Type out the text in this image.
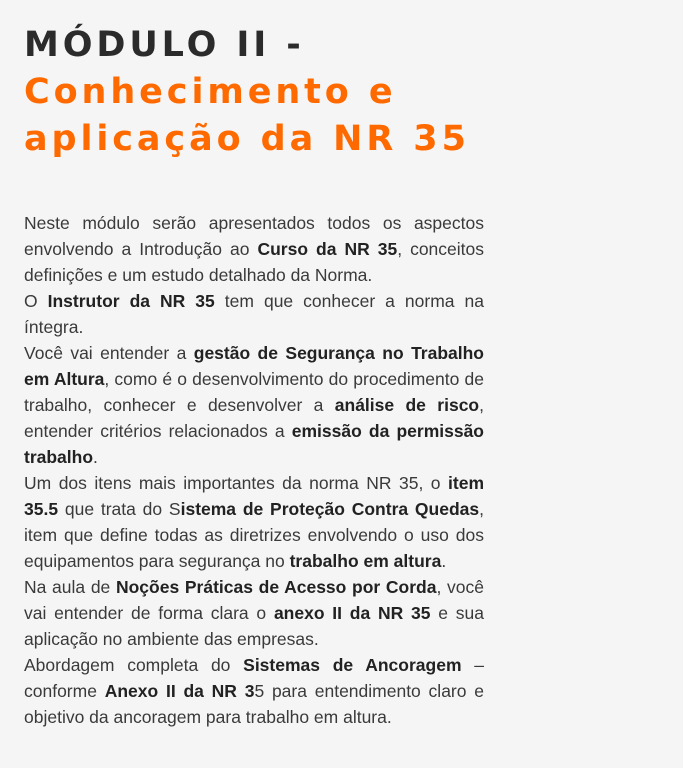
MÓDULO II -
Conhecimento e
aplicação da NR 35

Neste módulo serão apresentados todos os aspectos envolvendo a Introdução ao Curso da NR 35, conceitos definições e um estudo detalhado da Norma.

O Instrutor da NR 35 tem que conhecer a norma na íntegra.

Você vai entender a gestão de Segurança no Trabalho em Altura, como é o desenvolvimento do procedimento de trabalho, conhecer e desenvolver a análise de risco, entender critérios relacionados a emissão da permissão trabalho.

Um dos itens mais importantes da norma NR 35, o item 35.5 que trata do Sistema de Proteção Contra Quedas, item que define todas as diretrizes envolvendo o uso dos equipamentos para segurança no trabalho em altura.

Na aula de Noções Práticas de Acesso por Corda, você vai entender de forma clara o anexo II da NR 35 e sua aplicação no ambiente das empresas.

Abordagem completa do Sistemas de Ancoragem – conforme Anexo II da NR 35 para entendimento claro e objetivo da ancoragem para trabalho em altura.
